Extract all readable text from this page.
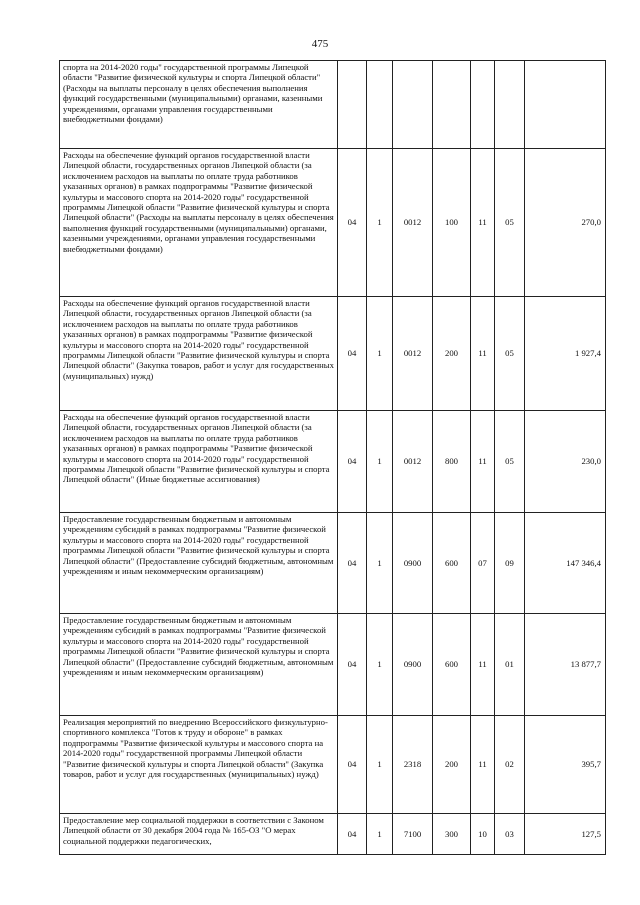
475
спорта на 2014-2020 годы" государственной программы Липецкой области "Развитие физической культуры и спорта Липецкой области" (Расходы на выплаты персоналу в целях обеспечения выполнения функций государственными (муниципальными) органами, казенными учреждениями, органами управления государственными внебюджетными фондами)							
Расходы на обеспечение функций органов государственной власти Липецкой области, государственных органов Липецкой области (за исключением расходов на выплаты по оплате труда работников указанных органов) в рамках подпрограммы "Развитие физической культуры и массового спорта на 2014-2020 годы" государственной программы Липецкой области "Развитие физической культуры и спорта Липецкой области" (Расходы на выплаты персоналу в целях обеспечения выполнения функций государственными (муниципальными) органами, казенными учреждениями, органами управления государственными внебюджетными фондами)	04	1	0012	100	11	05	270,0
Расходы на обеспечение функций органов государственной власти Липецкой области, государственных органов Липецкой области (за исключением расходов на выплаты по оплате труда работников указанных органов) в рамках подпрограммы "Развитие физической культуры и массового спорта на 2014-2020 годы" государственной программы Липецкой области "Развитие физической культуры и спорта Липецкой области" (Закупка товаров, работ и услуг для государственных (муниципальных) нужд)	04	1	0012	200	11	05	1 927,4
Расходы на обеспечение функций органов государственной власти Липецкой области, государственных органов Липецкой области (за исключением расходов на выплаты по оплате труда работников указанных органов) в рамках подпрограммы "Развитие физической культуры и массового спорта на 2014-2020 годы" государственной программы Липецкой области "Развитие физической культуры и спорта Липецкой области" (Иные бюджетные ассигнования)	04	1	0012	800	11	05	230,0
Предоставление государственным бюджетным и автономным учреждениям субсидий в рамках подпрограммы "Развитие физической культуры и массового спорта на 2014-2020 годы" государственной программы Липецкой области "Развитие физической культуры и спорта Липецкой области" (Предоставление субсидий бюджетным, автономным учреждениям и иным некоммерческим организациям)	04	1	0900	600	07	09	147 346,4
Предоставление государственным бюджетным и автономным учреждениям субсидий в рамках подпрограммы "Развитие физической культуры и массового спорта на 2014-2020 годы" государственной программы Липецкой области "Развитие физической культуры и спорта Липецкой области" (Предоставление субсидий бюджетным, автономным учреждениям и иным некоммерческим организациям)	04	1	0900	600	11	01	13 877,7
Реализация мероприятий по внедрению Всероссийского физкультурно-спортивного комплекса "Готов к труду и обороне" в рамках подпрограммы "Развитие физической культуры и массового спорта на 2014-2020 годы" государственной программы Липецкой области "Развитие физической культуры и спорта Липецкой области" (Закупка товаров, работ и услуг для государственных (муниципальных) нужд)	04	1	2318	200	11	02	395,7
Предоставление мер социальной поддержки в соответствии с Законом Липецкой области от 30 декабря 2004 года № 165-ОЗ "О мерах социальной поддержки педагогических,	04	1	7100	300	10	03	127,5
